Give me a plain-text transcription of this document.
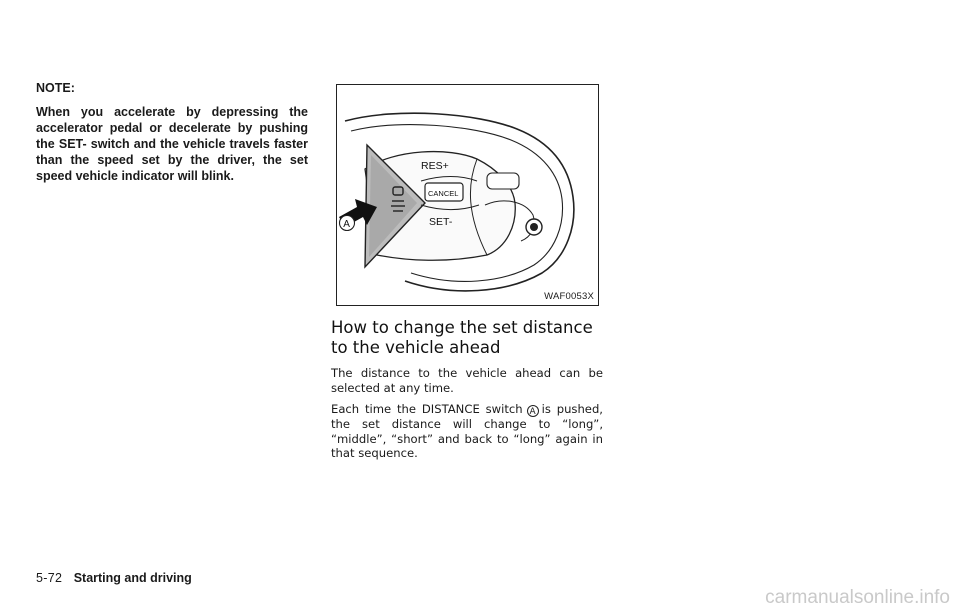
NOTE:

When you accelerate by depressing the accelerator pedal or decelerate by pushing the SET- switch and the vehicle travels faster than the speed set by the driver, the set speed vehicle indicator will blink.

RES+
CANCEL
SET-
A
WAF0053X
How to change the set distance to the vehicle ahead

The distance to the vehicle ahead can be selected at any time.

Each time the DISTANCE switch A is pushed, the set distance will change to “long”, “middle”, “short” and back to “long” again in that sequence.

5-72 Starting and driving
carmanualsonline.info
